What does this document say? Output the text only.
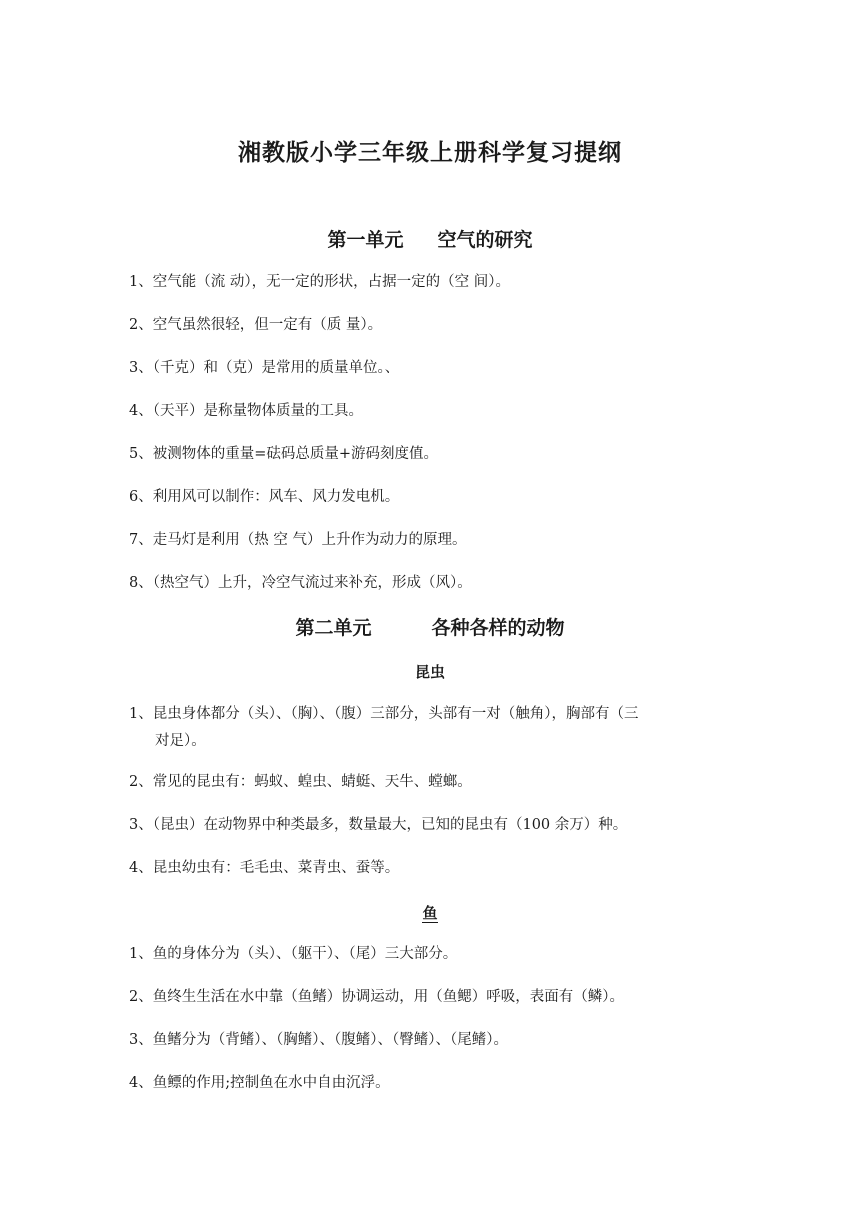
湘教版小学三年级上册科学复习提纲
第一单元 空气的研究
1、空气能（流 动），无一定的形状，占据一定的（空 间）。
2、空气虽然很轻，但一定有（质 量）。
3、（千克）和（克）是常用的质量单位。、
4、（天平）是称量物体质量的工具。
5、被测物体的重量=砝码总质量+游码刻度值。
6、利用风可以制作：风车、风力发电机。
7、走马灯是利用（热 空 气）上升作为动力的原理。
8、（热空气）上升，冷空气流过来补充，形成（风）。
第二单元	各种各样的动物
昆虫
1、昆虫身体都分（头）、（胸）、（腹）三部分，头部有一对（触角），胸部有（三
对足）。
2、常见的昆虫有：蚂蚁、蝗虫、蜻蜓、天牛、螳螂。
3、（昆虫）在动物界中种类最多，数量最大，已知的昆虫有（100 余万）种。
4、昆虫幼虫有：毛毛虫、菜青虫、蚕等。
鱼
1、鱼的身体分为（头）、（躯干）、（尾）三大部分。
2、鱼终生生活在水中靠（鱼鳍）协调运动，用（鱼鳃）呼吸，表面有（鳞）。
3、鱼鳍分为（背鳍）、（胸鳍）、（腹鳍）、（臀鳍）、（尾鳍）。
4、鱼鳔的作用;控制鱼在水中自由沉浮。
